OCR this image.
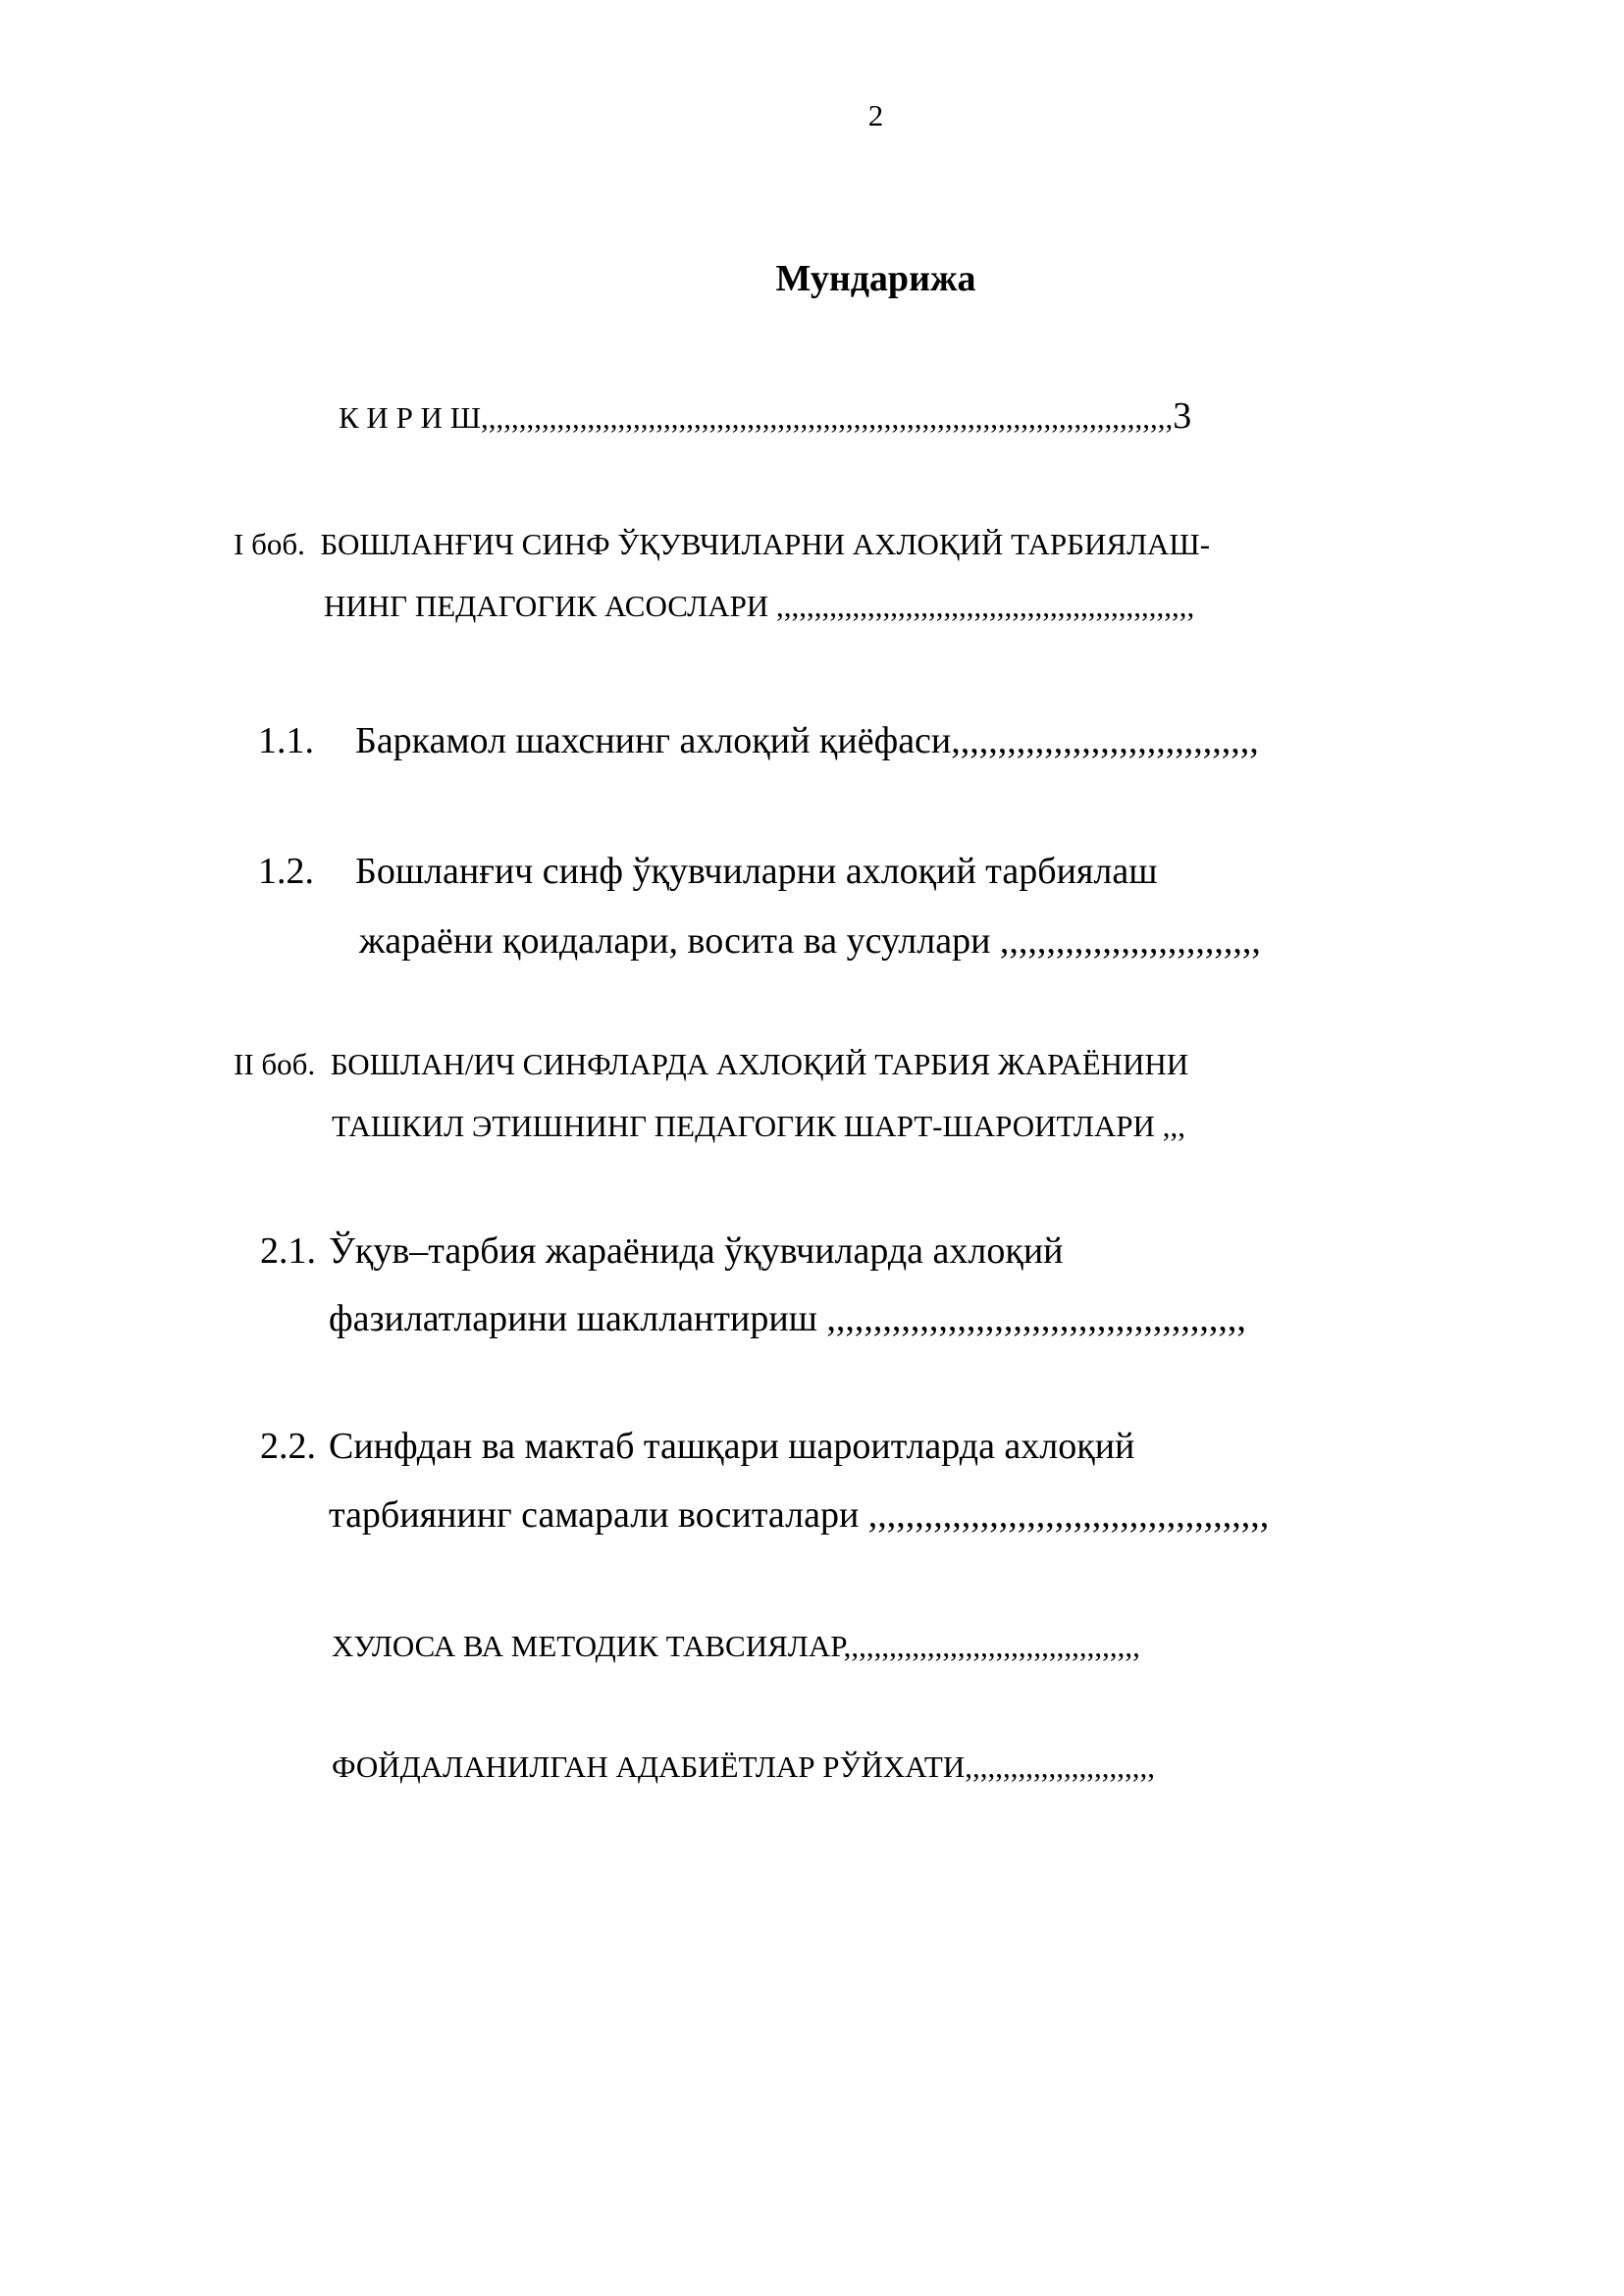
2
Мундарижа
К И Р И Ш,,,,,,,,,,,,,,,,,,,,,,,,,,,,,,,,,,,,,,,,,,,,,,,,,,,,,,,,,,,,,,,,,,,,,,,,,,,,,,,,,,,,,,,,,,,3
I боб. БОШЛАНҒИЧ СИНФ ЎҚУВЧИЛАРНИ АХЛОҚИЙ ТАРБИЯЛАШ-
НИНГ ПЕДАГОГИК АСОСЛАРИ ,,,,,,,,,,,,,,,,,,,,,,,,,,,,,,,,,,,,,,,,,,,,,,,,,,,,,,,
1.1. Баркамол шахснинг ахлоқий қиёфаси,,,,,,,,,,,,,,,,,,,,,,,,,,,,,,,,,
1.2. Бошланғич синф ўқувчиларни ахлоқий тарбиялаш
жараёни қоидалари, восита ва усуллари ,,,,,,,,,,,,,,,,,,,,,,,,,,,,
II боб. БОШЛАН/ИЧ СИНФЛАРДА АХЛОҚИЙ ТАРБИЯ ЖАРАЁНИНИ
ТАШКИЛ ЭТИШНИНГ ПЕДАГОГИК ШАРТ-ШАРОИТЛАРИ ,,,
2.1. Ўқув–тарбия жараёнида ўқувчиларда ахлоқий
фазилатларини шакллантириш ,,,,,,,,,,,,,,,,,,,,,,,,,,,,,,,,,,,,,,,,,,,,,
2.2. Синфдан ва мактаб ташқари шароитларда ахлоқий
тарбиянинг самарали воситалари ,,,,,,,,,,,,,,,,,,,,,,,,,,,,,,,,,,,,,,,,,,,
ХУЛОСА ВА МЕТОДИК ТАВСИЯЛАР,,,,,,,,,,,,,,,,,,,,,,,,,,,,,,,,,,,,,,,
ФОЙДАЛАНИЛГАН АДАБИЁТЛАР РЎЙХАТИ,,,,,,,,,,,,,,,,,,,,,,,,,
